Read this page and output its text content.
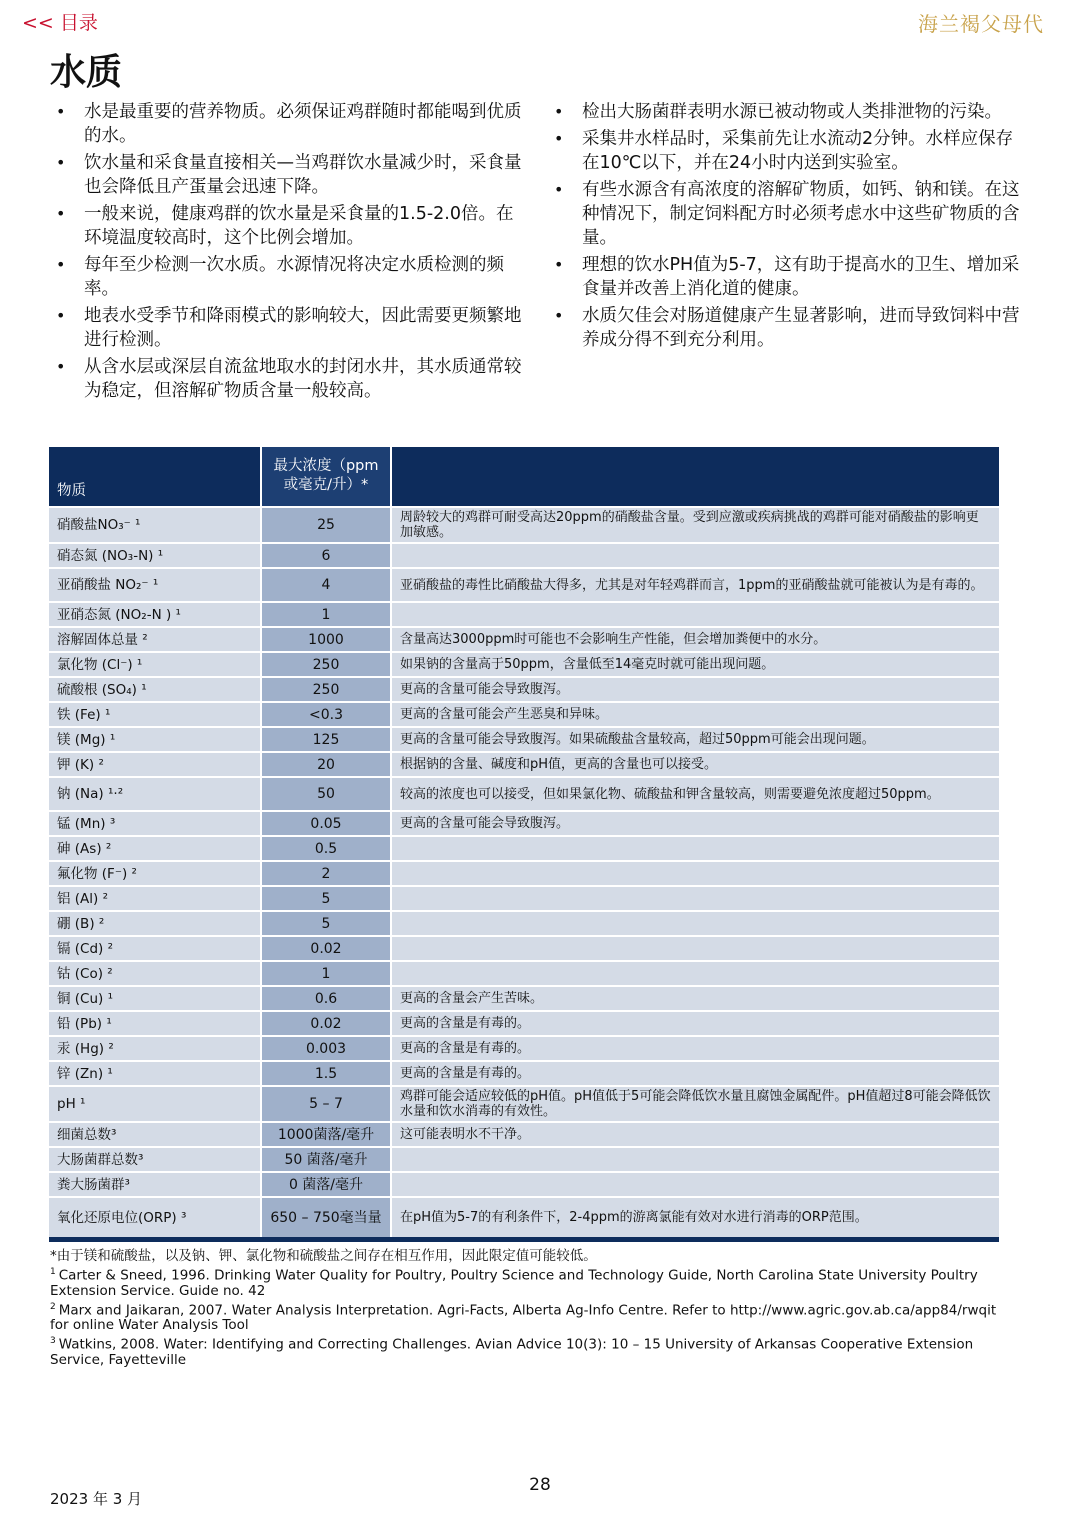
<< 目录	海兰褐父母代
水质
• 水是最重要的营养物质。必须保证鸡群随时都能喝到优质的水。
• 饮水量和采食量直接相关—当鸡群饮水量减少时，采食量也会降低且产蛋量会迅速下降。
• 一般来说，健康鸡群的饮水量是采食量的1.5-2.0倍。在环境温度较高时，这个比例会增加。
• 每年至少检测一次水质。水源情况将决定水质检测的频率。
• 地表水受季节和降雨模式的影响较大，因此需要更频繁地进行检测。
• 从含水层或深层自流盆地取水的封闭水井，其水质通常较为稳定，但溶解矿物质含量一般较高。
• 检出大肠菌群表明水源已被动物或人类排泄物的污染。
• 采集井水样品时，采集前先让水流动2分钟。水样应保存在10℃以下，并在24小时内送到实验室。
• 有些水源含有高浓度的溶解矿物质，如钙、钠和镁。在这种情况下，制定饲料配方时必须考虑水中这些矿物质的含量。
• 理想的饮水PH值为5-7，这有助于提高水的卫生、增加采食量并改善上消化道的健康。
• 水质欠佳会对肠道健康产生显著影响，进而导致饲料中营养成分得不到充分利用。
物质	最大浓度（ppm或毫克/升）*	
硝酸盐NO₃⁻ ¹	25	周龄较大的鸡群可耐受高达20ppm的硝酸盐含量。受到应激或疾病挑战的鸡群可能对硝酸盐的影响更加敏感。
硝态氮 (NO₃-N) ¹	6	
亚硝酸盐 NO₂⁻ ¹	4	亚硝酸盐的毒性比硝酸盐大得多，尤其是对年轻鸡群而言，1ppm的亚硝酸盐就可能被认为是有毒的。
亚硝态氮 (NO₂-N ) ¹	1	
溶解固体总量 ²	1000	含量高达3000ppm时可能也不会影响生产性能，但会增加粪便中的水分。
氯化物 (Cl⁻) ¹	250	如果钠的含量高于50ppm，含量低至14毫克时就可能出现问题。
硫酸根 (SO₄) ¹	250	更高的含量可能会导致腹泻。
铁 (Fe) ¹	<0.3	更高的含量可能会产生恶臭和异味。
镁 (Mg) ¹	125	更高的含量可能会导致腹泻。如果硫酸盐含量较高，超过50ppm可能会出现问题。
钾 (K) ²	20	根据钠的含量、碱度和pH值，更高的含量也可以接受。
钠 (Na) ¹·²	50	较高的浓度也可以接受，但如果氯化物、硫酸盐和钾含量较高，则需要避免浓度超过50ppm。
锰 (Mn) ³	0.05	更高的含量可能会导致腹泻。
砷 (As) ²	0.5	
氟化物 (F⁻) ²	2	
铝 (Al) ²	5	
硼 (B) ²	5	
镉 (Cd) ²	0.02	
钴 (Co) ²	1	
铜 (Cu) ¹	0.6	更高的含量会产生苦味。
铅 (Pb) ¹	0.02	更高的含量是有毒的。
汞 (Hg) ²	0.003	更高的含量是有毒的。
锌 (Zn) ¹	1.5	更高的含量是有毒的。
pH ¹	5 – 7	鸡群可能会适应较低的pH值。pH值低于5可能会降低饮水量且腐蚀金属配件。pH值超过8可能会降低饮水量和饮水消毒的有效性。
细菌总数³	1000菌落/毫升	这可能表明水不干净。
大肠菌群总数³	50 菌落/毫升	
粪大肠菌群³	0 菌落/毫升	
氧化还原电位(ORP) ³	650 – 750毫当量	在pH值为5-7的有利条件下，2-4ppm的游离氯能有效对水进行消毒的ORP范围。
*由于镁和硫酸盐，以及钠、钾、氯化物和硫酸盐之间存在相互作用，因此限定值可能较低。
$^1$ Carter & Sneed, 1996. Drinking Water Quality for Poultry, Poultry Science and Technology Guide, North Carolina State University Poultry Extension Service. Guide no. 42
$^2$ Marx and Jaikaran, 2007. Water Analysis Interpretation. Agri-Facts, Alberta Ag-Info Centre. Refer to http://www.agric.gov.ab.ca/app84/rwqit for online Water Analysis Tool
$^3$ Watkins, 2008. Water: Identifying and Correcting Challenges. Avian Advice 10(3): 10 – 15 University of Arkansas Cooperative Extension Service, Fayetteville
28
2023 年 3 月
